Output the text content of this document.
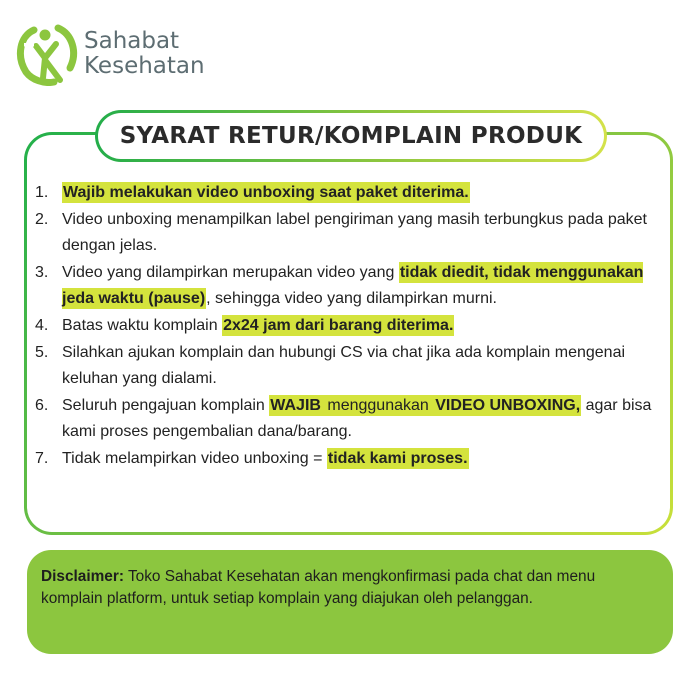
Sahabat
Kesehatan
SYARAT RETUR/KOMPLAIN PRODUK
1. Wajib melakukan video unboxing saat paket diterima.
2. Video unboxing menampilkan label pengiriman yang masih terbungkus pada paket dengan jelas.
3. Video yang dilampirkan merupakan video yang tidak diedit, tidak menggunakan jeda waktu (pause), sehingga video yang dilampirkan murni.
4. Batas waktu komplain 2x24 jam dari barang diterima.
5. Silahkan ajukan komplain dan hubungi CS via chat jika ada komplain mengenai keluhan yang dialami.
6. Seluruh pengajuan komplain WAJIB menggunakan VIDEO UNBOXING, agar bisa kami proses pengembalian dana/barang.
7. Tidak melampirkan video unboxing = tidak kami proses.
Disclaimer: Toko Sahabat Kesehatan akan mengkonfirmasi pada chat dan menu komplain platform, untuk setiap komplain yang diajukan oleh pelanggan.
